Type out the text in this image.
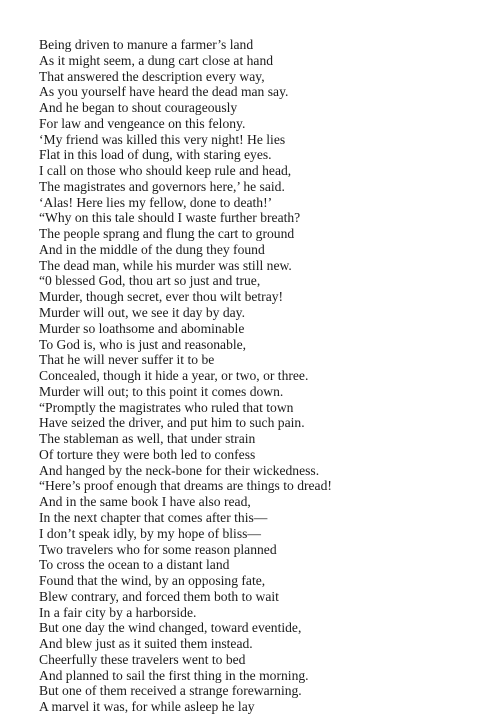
Being driven to manure a farmer’s land
As it might seem, a dung cart close at hand
That answered the description every way,
As you yourself have heard the dead man say.
And he began to shout courageously
For law and vengeance on this felony.
‘My friend was killed this very night! He lies
Flat in this load of dung, with staring eyes.
I call on those who should keep rule and head,
The magistrates and governors here,’ he said.
‘Alas! Here lies my fellow, done to death!’
“Why on this tale should I waste further breath?
The people sprang and flung the cart to ground
And in the middle of the dung they found
The dead man, while his murder was still new.
“0 blessed God, thou art so just and true,
Murder, though secret, ever thou wilt betray!
Murder will out, we see it day by day.
Murder so loathsome and abominable
To God is, who is just and reasonable,
That he will never suffer it to be
Concealed, though it hide a year, or two, or three.
Murder will out; to this point it comes down.
“Promptly the magistrates who ruled that town
Have seized the driver, and put him to such pain.
The stableman as well, that under strain
Of torture they were both led to confess
And hanged by the neck-bone for their wickedness.
“Here’s proof enough that dreams are things to dread!
And in the same book I have also read,
In the next chapter that comes after this—
I don’t speak idly, by my hope of bliss—
Two travelers who for some reason planned
To cross the ocean to a distant land
Found that the wind, by an opposing fate,
Blew contrary, and forced them both to wait
In a fair city by a harborside.
But one day the wind changed, toward eventide,
And blew just as it suited them instead.
Cheerfully these travelers went to bed
And planned to sail the first thing in the morning.
But one of them received a strange forewarning.
A marvel it was, for while asleep he lay
